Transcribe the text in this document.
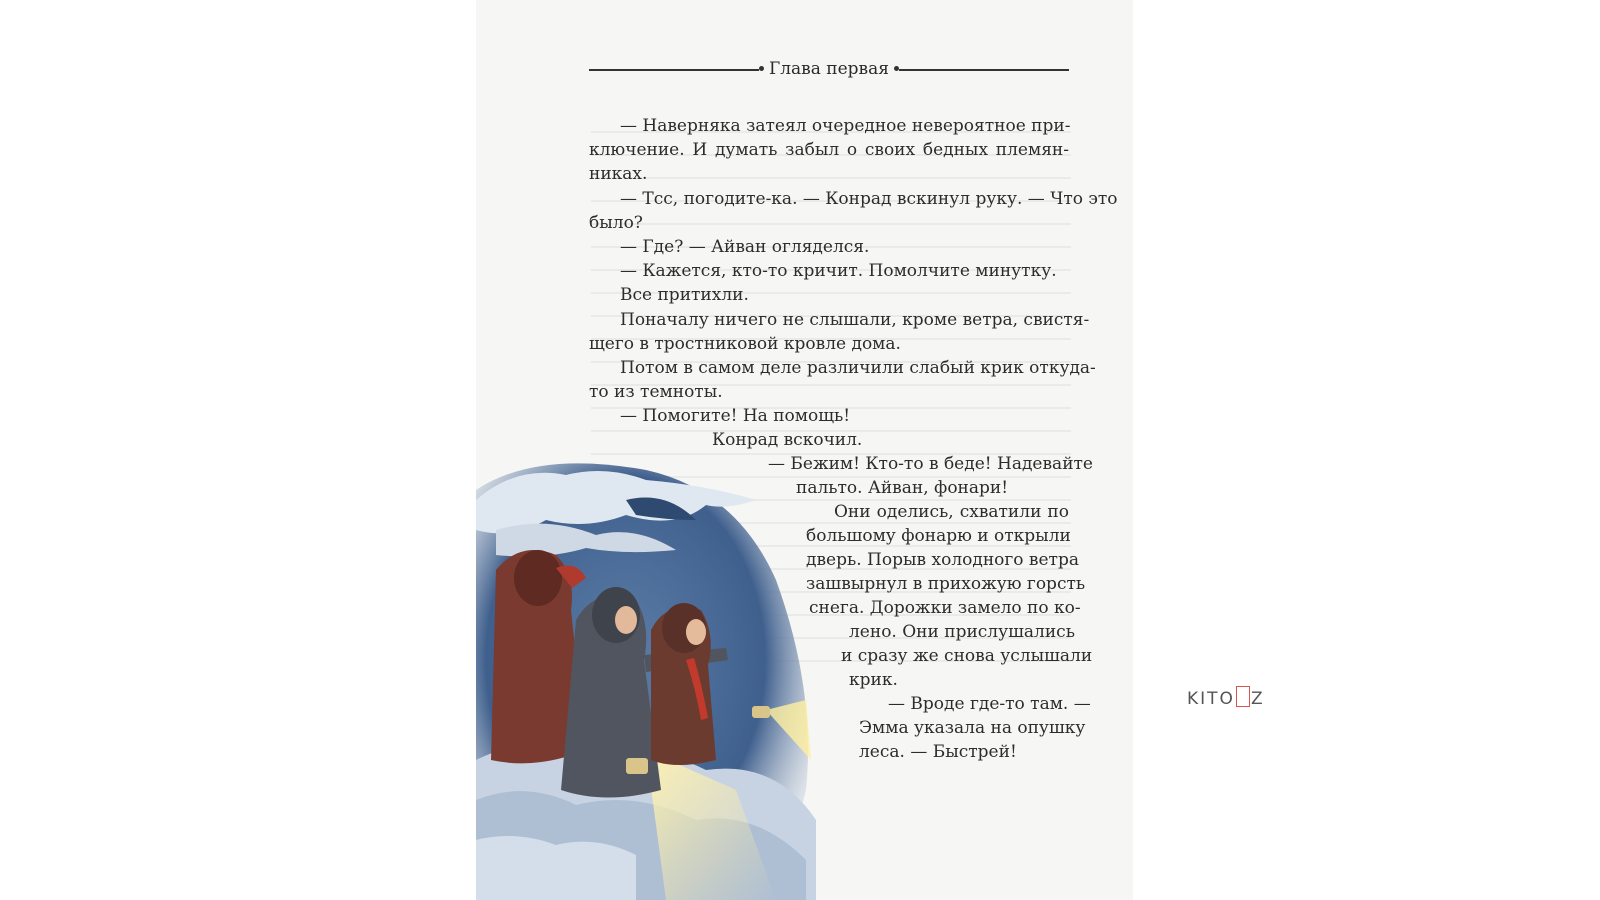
Глава первая
— Наверняка затеял очередное невероятное при-
ключение. И думать забыл о своих бедных племян-
никах.
— Тсс, погодите-ка. — Конрад вскинул руку. — Что это
было?
— Где? — Айван огляделся.
— Кажется, кто-то кричит. Помолчите минутку.
Все притихли.
Поначалу ничего не слышали, кроме ветра, свистя-
щего в тростниковой кровле дома.
Потом в самом деле различили слабый крик откуда-
то из темноты.
— Помогите! На помощь!
Конрад вскочил.
— Бежим! Кто-то в беде! Надевайте
пальто. Айван, фонари!
Они оделись, схватили по
большому фонарю и открыли
дверь. Порыв холодного ветра
зашвырнул в прихожую горсть
снега. Дорожки замело по ко-
лено. Они прислушались
и сразу же снова услышали
крик.
— Вроде где-то там. —
Эмма указала на опушку
леса. — Быстрей!
KITO Z
